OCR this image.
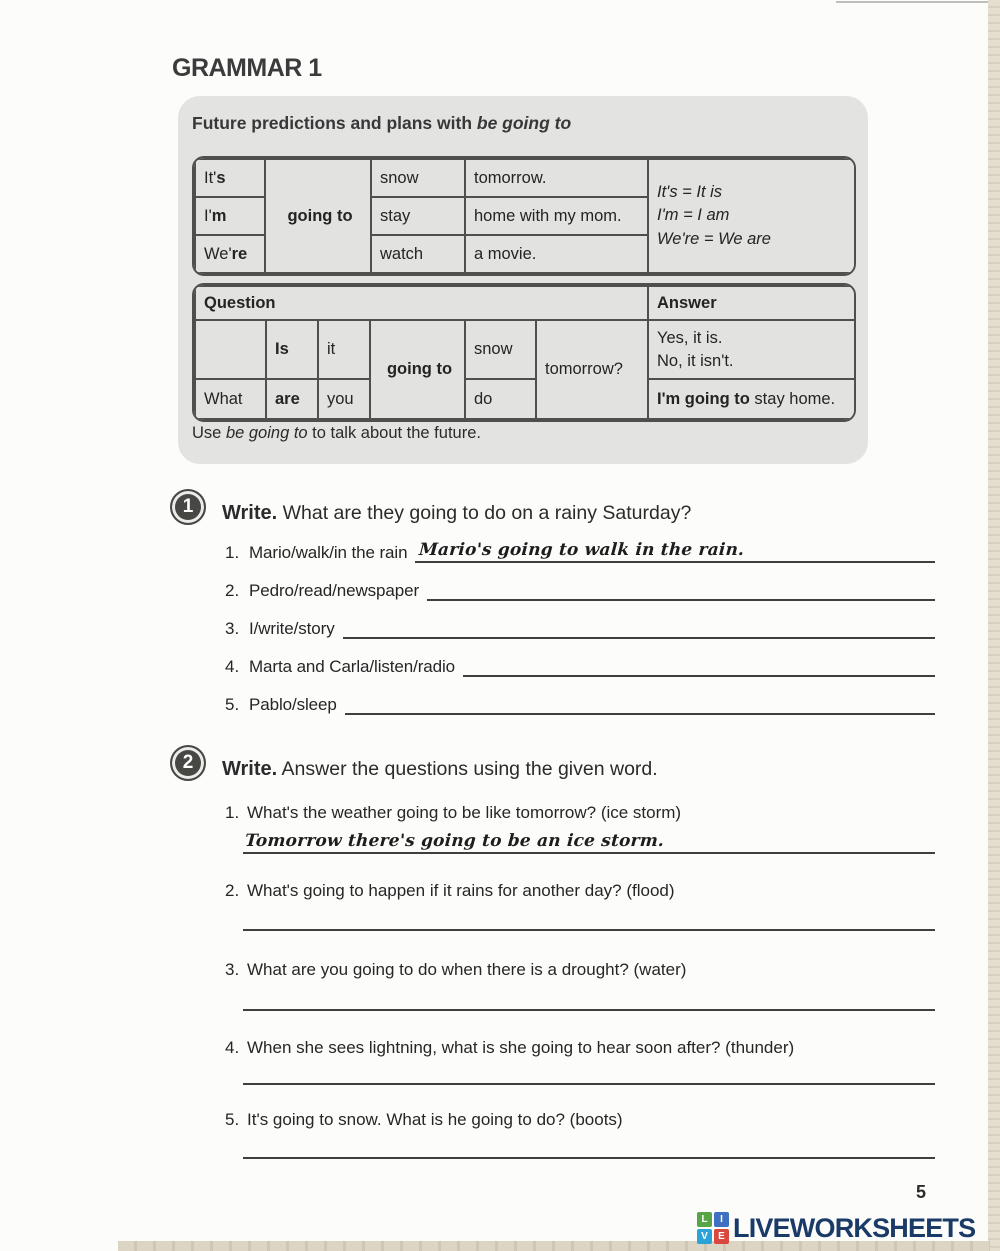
GRAMMAR 1
Future predictions and plans with be going to
It's	going to	snow	tomorrow.	It's = It is
I'm = I am
We're = We are

I'm		stay	home with my mom.	
We're		watch	a movie.	
Question						Answer
	Is	it	going to	snow	tomorrow?	Yes, it is.
No, it isn't.

What	are	you		do		I'm going to stay home.
Use be going to to talk about the future.
1	Write. What are they going to do on a rainy Saturday?
1. Mario/walk/in the rain Mario's going to walk in the rain.
2. Pedro/read/newspaper
3. I/write/story
4. Marta and Carla/listen/radio
5. Pablo/sleep
2	Write. Answer the questions using the given word.
1. What's the weather going to be like tomorrow? (ice storm)
Tomorrow there's going to be an ice storm.
2. What's going to happen if it rains for another day? (flood)
3. What are you going to do when there is a drought? (water)
4. When she sees lightning, what is she going to hear soon after? (thunder)
5. It's going to snow. What is he going to do? (boots)
5
L	I
V	E LIVEWORKSHEETS
